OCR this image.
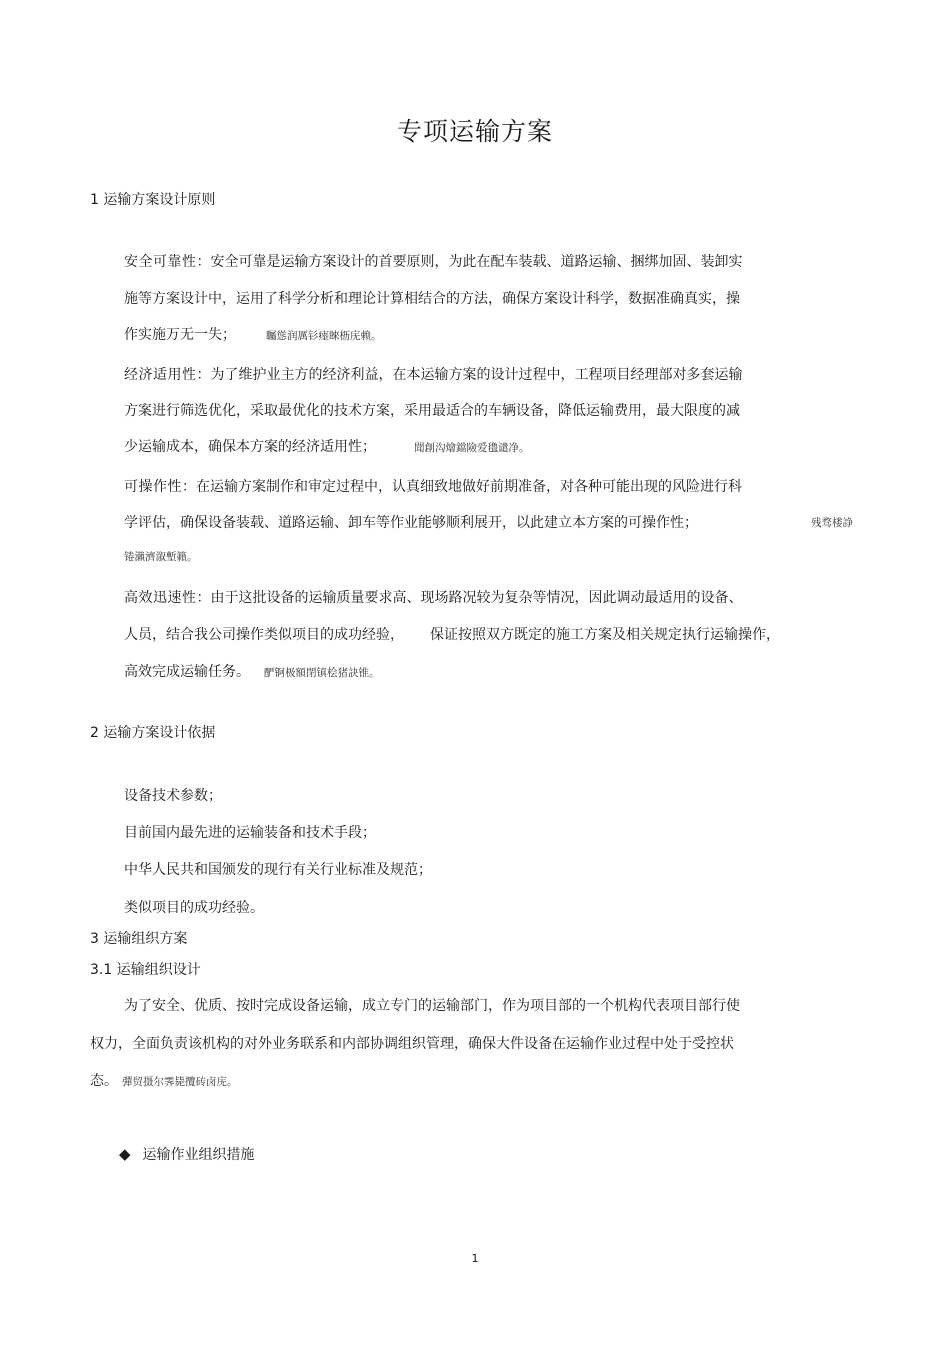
专项运输方案
1 运输方案设计原则
安全可靠性：安全可靠是运输方案设计的首要原则，为此在配车装载、道路运输、捆绑加固、装卸实
施等方案设计中，运用了科学分析和理论计算相结合的方法，确保方案设计科学，数据准确真实，操
作实施万无一失；	矚慫润厲钐瘗睞枥庑赖。
经济适用性：为了维护业主方的经济利益，在本运输方案的设计过程中，工程项目经理部对多套运输
方案进行筛选优化，采取最优化的技术方案，采用最适合的车辆设备，降低运输费用，最大限度的减
少运输成本，确保本方案的经济适用性；	聞創沟燴鐺險爱氇谴净。
可操作性：在运输方案制作和审定过程中，认真细致地做好前期准备，对各种可能出现的风险进行科
学评估，确保设备装载、道路运输、卸车等作业能够顺利展开，以此建立本方案的可操作性；	残骛楼諍
锩瀨濟溆塹籟。
高效迅速性：由于这批设备的运输质量要求高、现场路况较为复杂等情况，因此调动最适用的设备、
人员，结合我公司操作类似项目的成功经验， 保证按照双方既定的施工方案及相关规定执行运输操作，
高效完成运输任务。 酽锕极額閉镇桧猪訣锥。
2 运输方案设计依据
设备技术参数；
目前国内最先进的运输装备和技术手段；
中华人民共和国颁发的现行有关行业标准及规范；
类似项目的成功经验。
3 运输组织方案
3.1 运输组织设计
为了安全、优质、按时完成设备运输，成立专门的运输部门，作为项目部的一个机构代表项目部行使
权力，全面负责该机构的对外业务联系和内部协调组织管理，确保大件设备在运输作业过程中处于受控状
态。 彈贸摄尔霁毙攬砖卤庑。
◆ 运输作业组织措施
1
